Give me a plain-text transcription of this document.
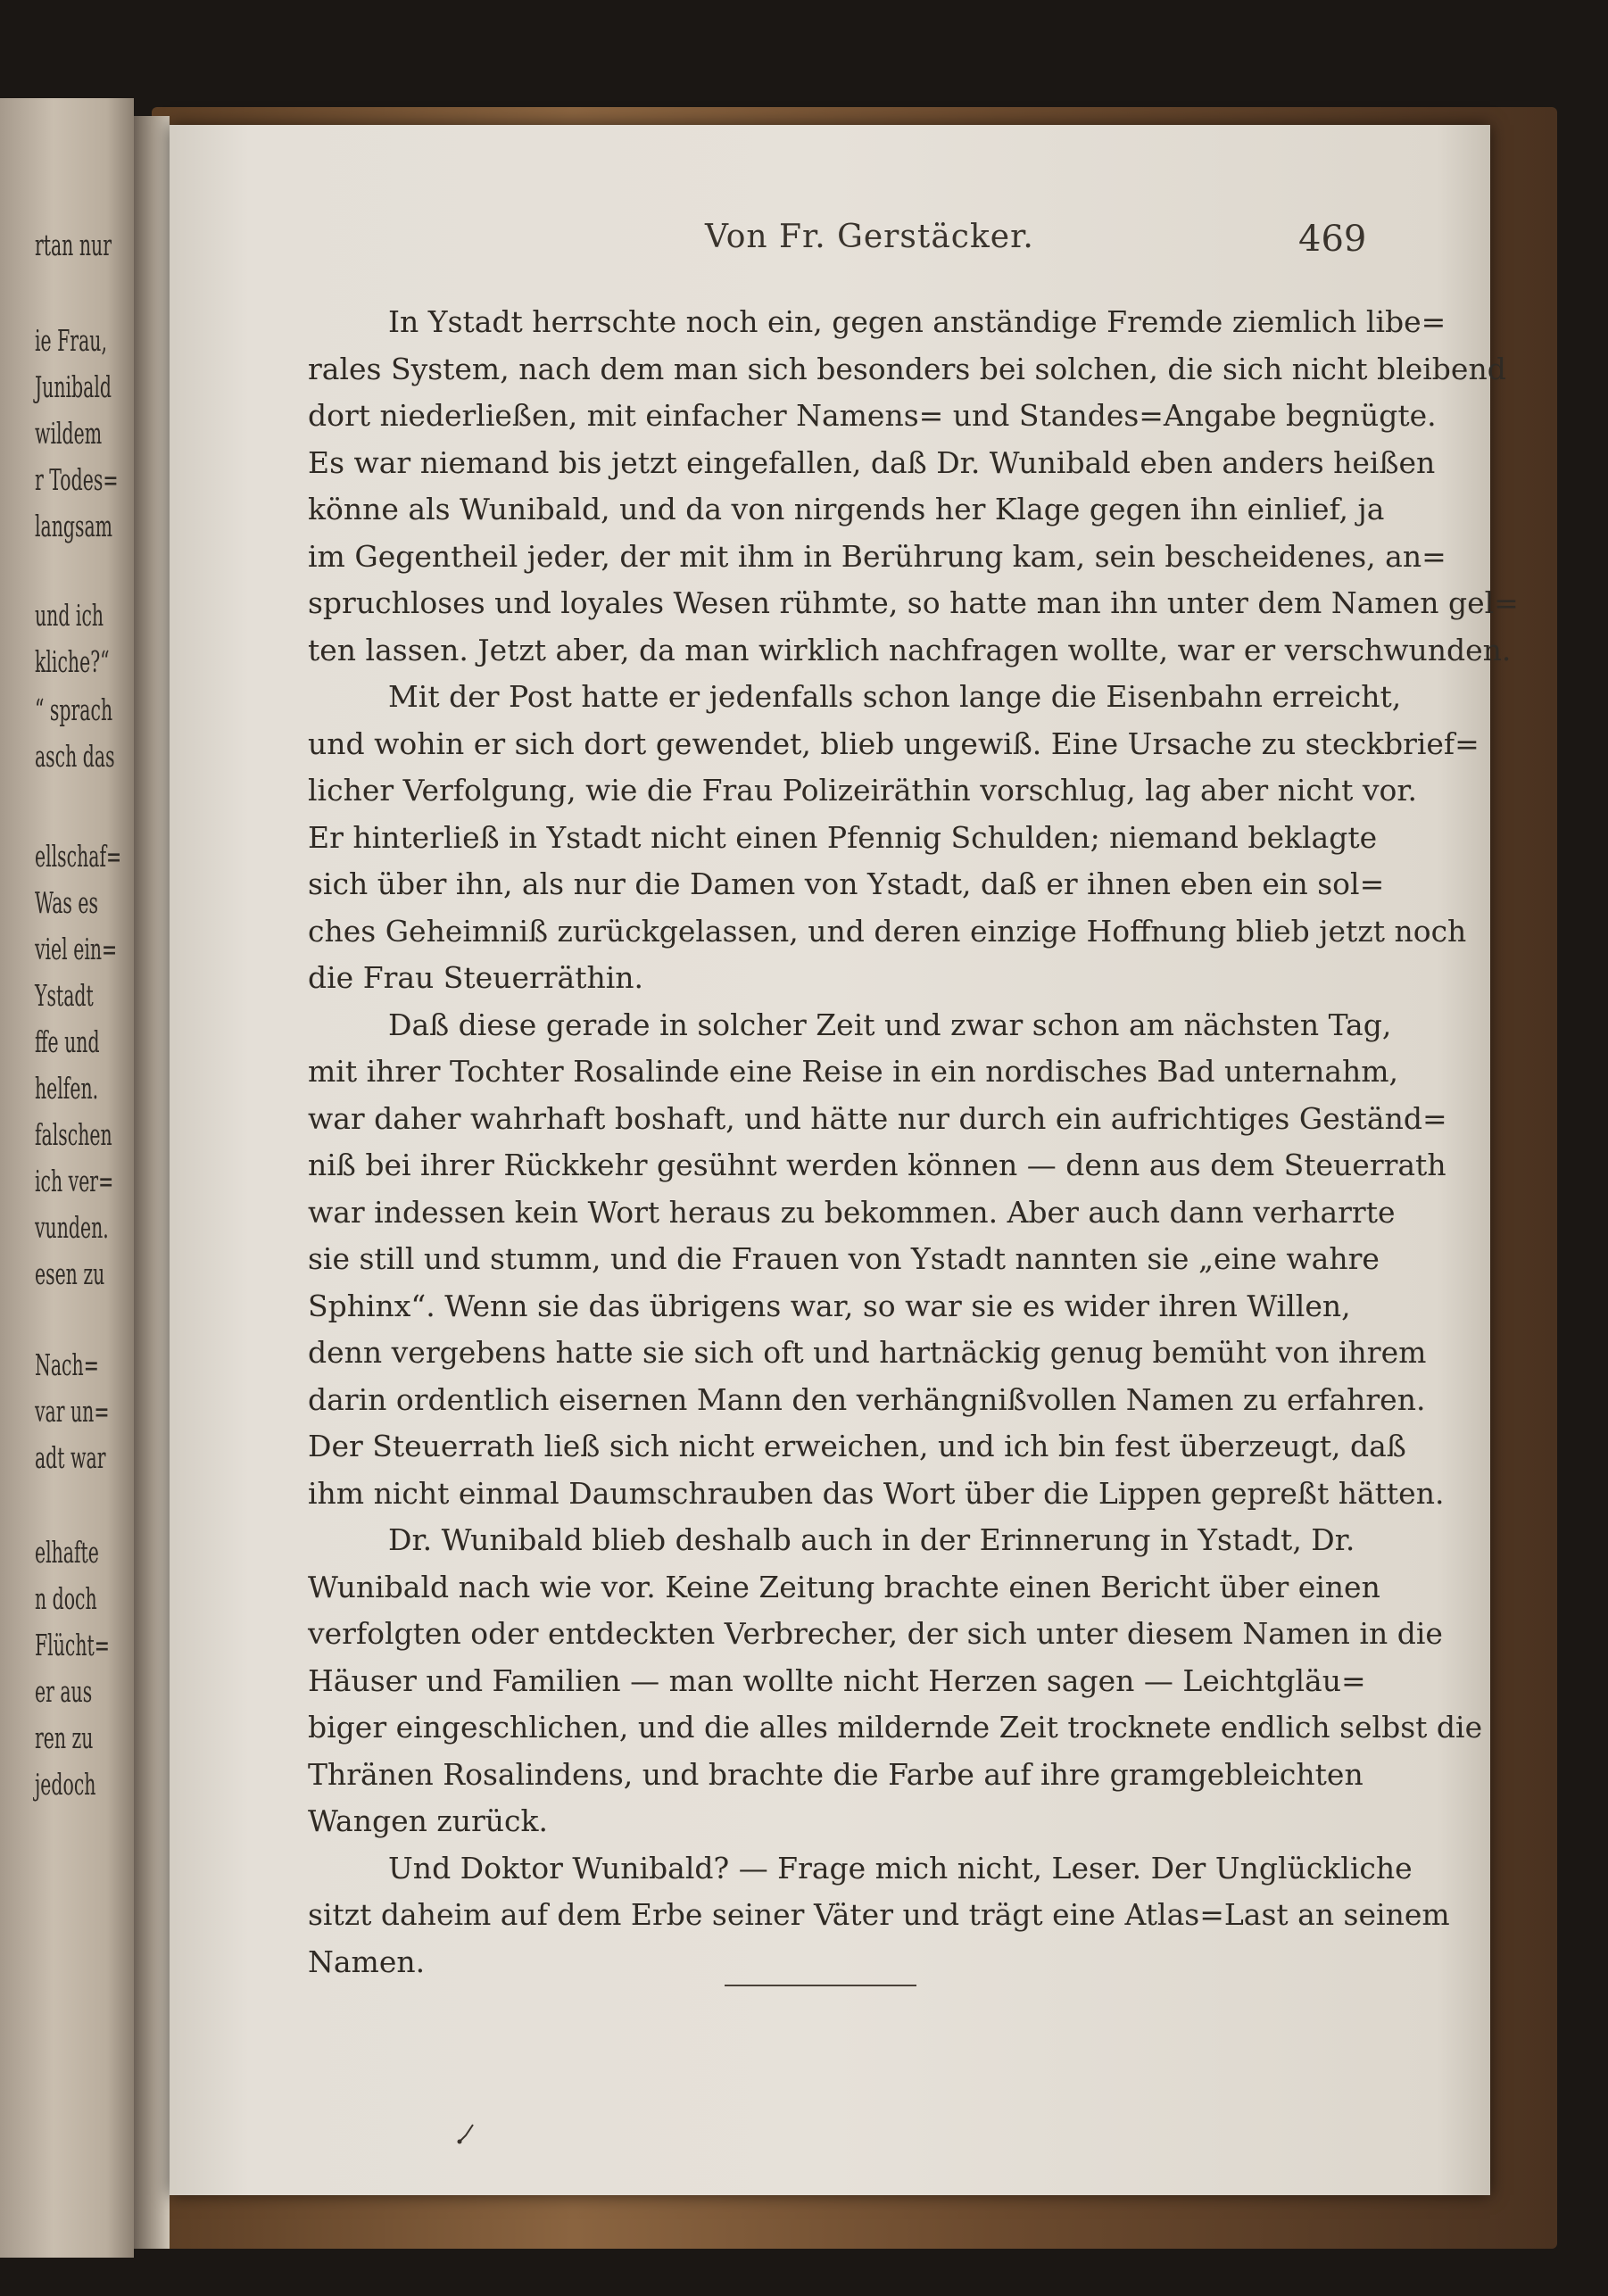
rtan nur
ie Frau,
Junibald
wildem
r Todes=
langsam
und ich
kliche?“
“ sprach
asch das
ellschaf=
Was es
viel ein=
Ystadt
ffe und
helfen.
falschen
ich ver=
vunden.
esen zu
Nach=
var un=
adt war
elhafte
n doch
Flücht=
er aus
ren zu
jedoch
Von Fr. Gerstäcker.	469
In Ystadt herrschte noch ein, gegen anständige Fremde ziemlich libe=
rales System, nach dem man sich besonders bei solchen, die sich nicht bleibend
dort niederließen, mit einfacher Namens= und Standes=Angabe begnügte.
Es war niemand bis jetzt eingefallen, daß Dr. Wunibald eben anders heißen
könne als Wunibald, und da von nirgends her Klage gegen ihn einlief, ja
im Gegentheil jeder, der mit ihm in Berührung kam, sein bescheidenes, an=
spruchloses und loyales Wesen rühmte, so hatte man ihn unter dem Namen gel=
ten lassen. Jetzt aber, da man wirklich nachfragen wollte, war er verschwunden.
Mit der Post hatte er jedenfalls schon lange die Eisenbahn erreicht,
und wohin er sich dort gewendet, blieb ungewiß. Eine Ursache zu steckbrief=
licher Verfolgung, wie die Frau Polizeiräthin vorschlug, lag aber nicht vor.
Er hinterließ in Ystadt nicht einen Pfennig Schulden; niemand beklagte
sich über ihn, als nur die Damen von Ystadt, daß er ihnen eben ein sol=
ches Geheimniß zurückgelassen, und deren einzige Hoffnung blieb jetzt noch
die Frau Steuerräthin.
Daß diese gerade in solcher Zeit und zwar schon am nächsten Tag,
mit ihrer Tochter Rosalinde eine Reise in ein nordisches Bad unternahm,
war daher wahrhaft boshaft, und hätte nur durch ein aufrichtiges Geständ=
niß bei ihrer Rückkehr gesühnt werden können — denn aus dem Steuerrath
war indessen kein Wort heraus zu bekommen. Aber auch dann verharrte
sie still und stumm, und die Frauen von Ystadt nannten sie „eine wahre
Sphinx“. Wenn sie das übrigens war, so war sie es wider ihren Willen,
denn vergebens hatte sie sich oft und hartnäckig genug bemüht von ihrem
darin ordentlich eisernen Mann den verhängnißvollen Namen zu erfahren.
Der Steuerrath ließ sich nicht erweichen, und ich bin fest überzeugt, daß
ihm nicht einmal Daumschrauben das Wort über die Lippen gepreßt hätten.
Dr. Wunibald blieb deshalb auch in der Erinnerung in Ystadt, Dr.
Wunibald nach wie vor. Keine Zeitung brachte einen Bericht über einen
verfolgten oder entdeckten Verbrecher, der sich unter diesem Namen in die
Häuser und Familien — man wollte nicht Herzen sagen — Leichtgläu=
biger eingeschlichen, und die alles mildernde Zeit trocknete endlich selbst die
Thränen Rosalindens, und brachte die Farbe auf ihre gramgebleichten
Wangen zurück.
Und Doktor Wunibald? — Frage mich nicht, Leser. Der Unglückliche
sitzt daheim auf dem Erbe seiner Väter und trägt eine Atlas=Last an seinem
Namen.
